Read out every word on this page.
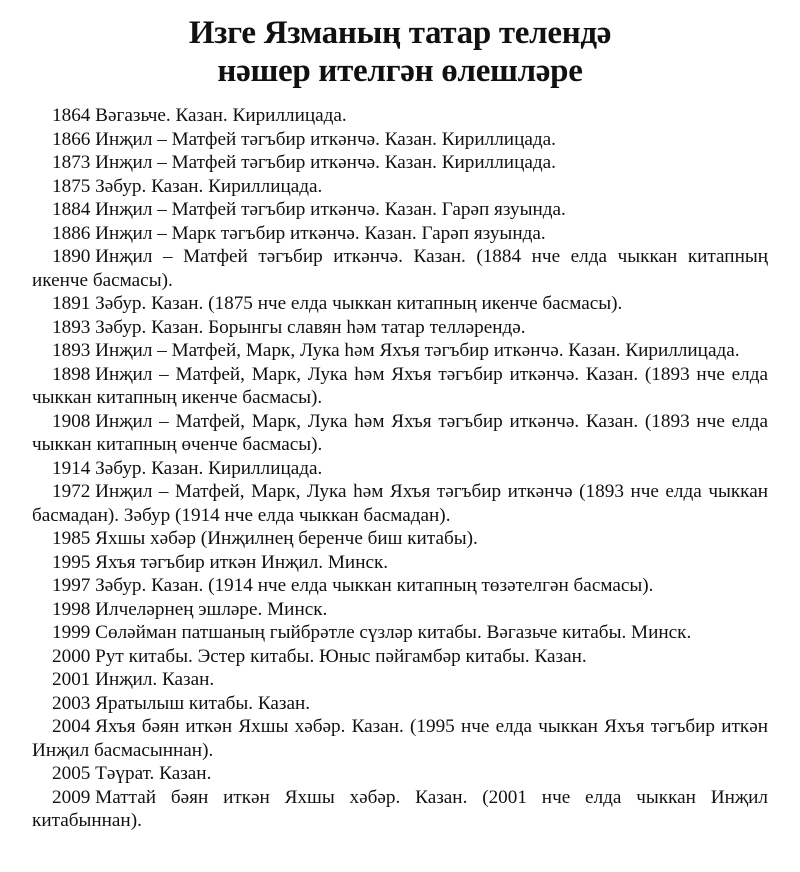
Изге Язманың татар телендә
нәшер ителгән өлешләре
1864 Вәгазьче. Казан. Кириллицада.
1866 Инҗил – Матфей тәгъбир иткәнчә. Казан. Кириллицада.
1873 Инҗил – Матфей тәгъбир иткәнчә. Казан. Кириллицада.
1875 Зәбур. Казан. Кириллицада.
1884 Инҗил – Матфей тәгъбир иткәнчә. Казан. Гарәп язуында.
1886 Инҗил – Марк тәгъбир иткәнчә. Казан. Гарәп язуында.
1890 Инҗил – Матфей тәгъбир иткәнчә. Казан. (1884 нче елда чыккан китапның икенче басмасы).
1891 Зәбур. Казан. (1875 нче елда чыккан китапның икенче басмасы).
1893 Зәбур. Казан. Борынгы славян һәм татар телләрендә.
1893 Инҗил – Матфей, Марк, Лука һәм Яхъя тәгъбир иткәнчә. Казан. Кириллицада.
1898 Инҗил – Матфей, Марк, Лука һәм Яхъя тәгъбир иткәнчә. Казан. (1893 нче елда чыккан китапның икенче басмасы).
1908 Инҗил – Матфей, Марк, Лука һәм Яхъя тәгъбир иткәнчә. Казан. (1893 нче елда чыккан китапның өченче басмасы).
1914 Зәбур. Казан. Кириллицада.
1972 Инҗил – Матфей, Марк, Лука һәм Яхъя тәгъбир иткәнчә (1893 нче елда чыккан басмадан). Зәбур (1914 нче елда чыккан басмадан).
1985 Яхшы хәбәр (Инҗилнең беренче биш китабы).
1995 Яхъя тәгъбир иткән Инҗил. Минск.
1997 Зәбур. Казан. (1914 нче елда чыккан китапның төзәтелгән басмасы).
1998 Илчеләрнең эшләре. Минск.
1999 Сөләйман патшаның гыйбрәтле сүзләр китабы. Вәгазьче китабы. Минск.
2000 Рут китабы. Эстер китабы. Юныс пәйгамбәр китабы. Казан.
2001 Инҗил. Казан.
2003 Яратылыш китабы. Казан.
2004 Яхъя бәян иткән Яхшы хәбәр. Казан. (1995 нче елда чыккан Яхъя тәгъбир иткән Инҗил басмасыннан).
2005 Тәүрат. Казан.
2009 Маттай бәян иткән Яхшы хәбәр. Казан. (2001 нче елда чыккан Инҗил китабыннан).
